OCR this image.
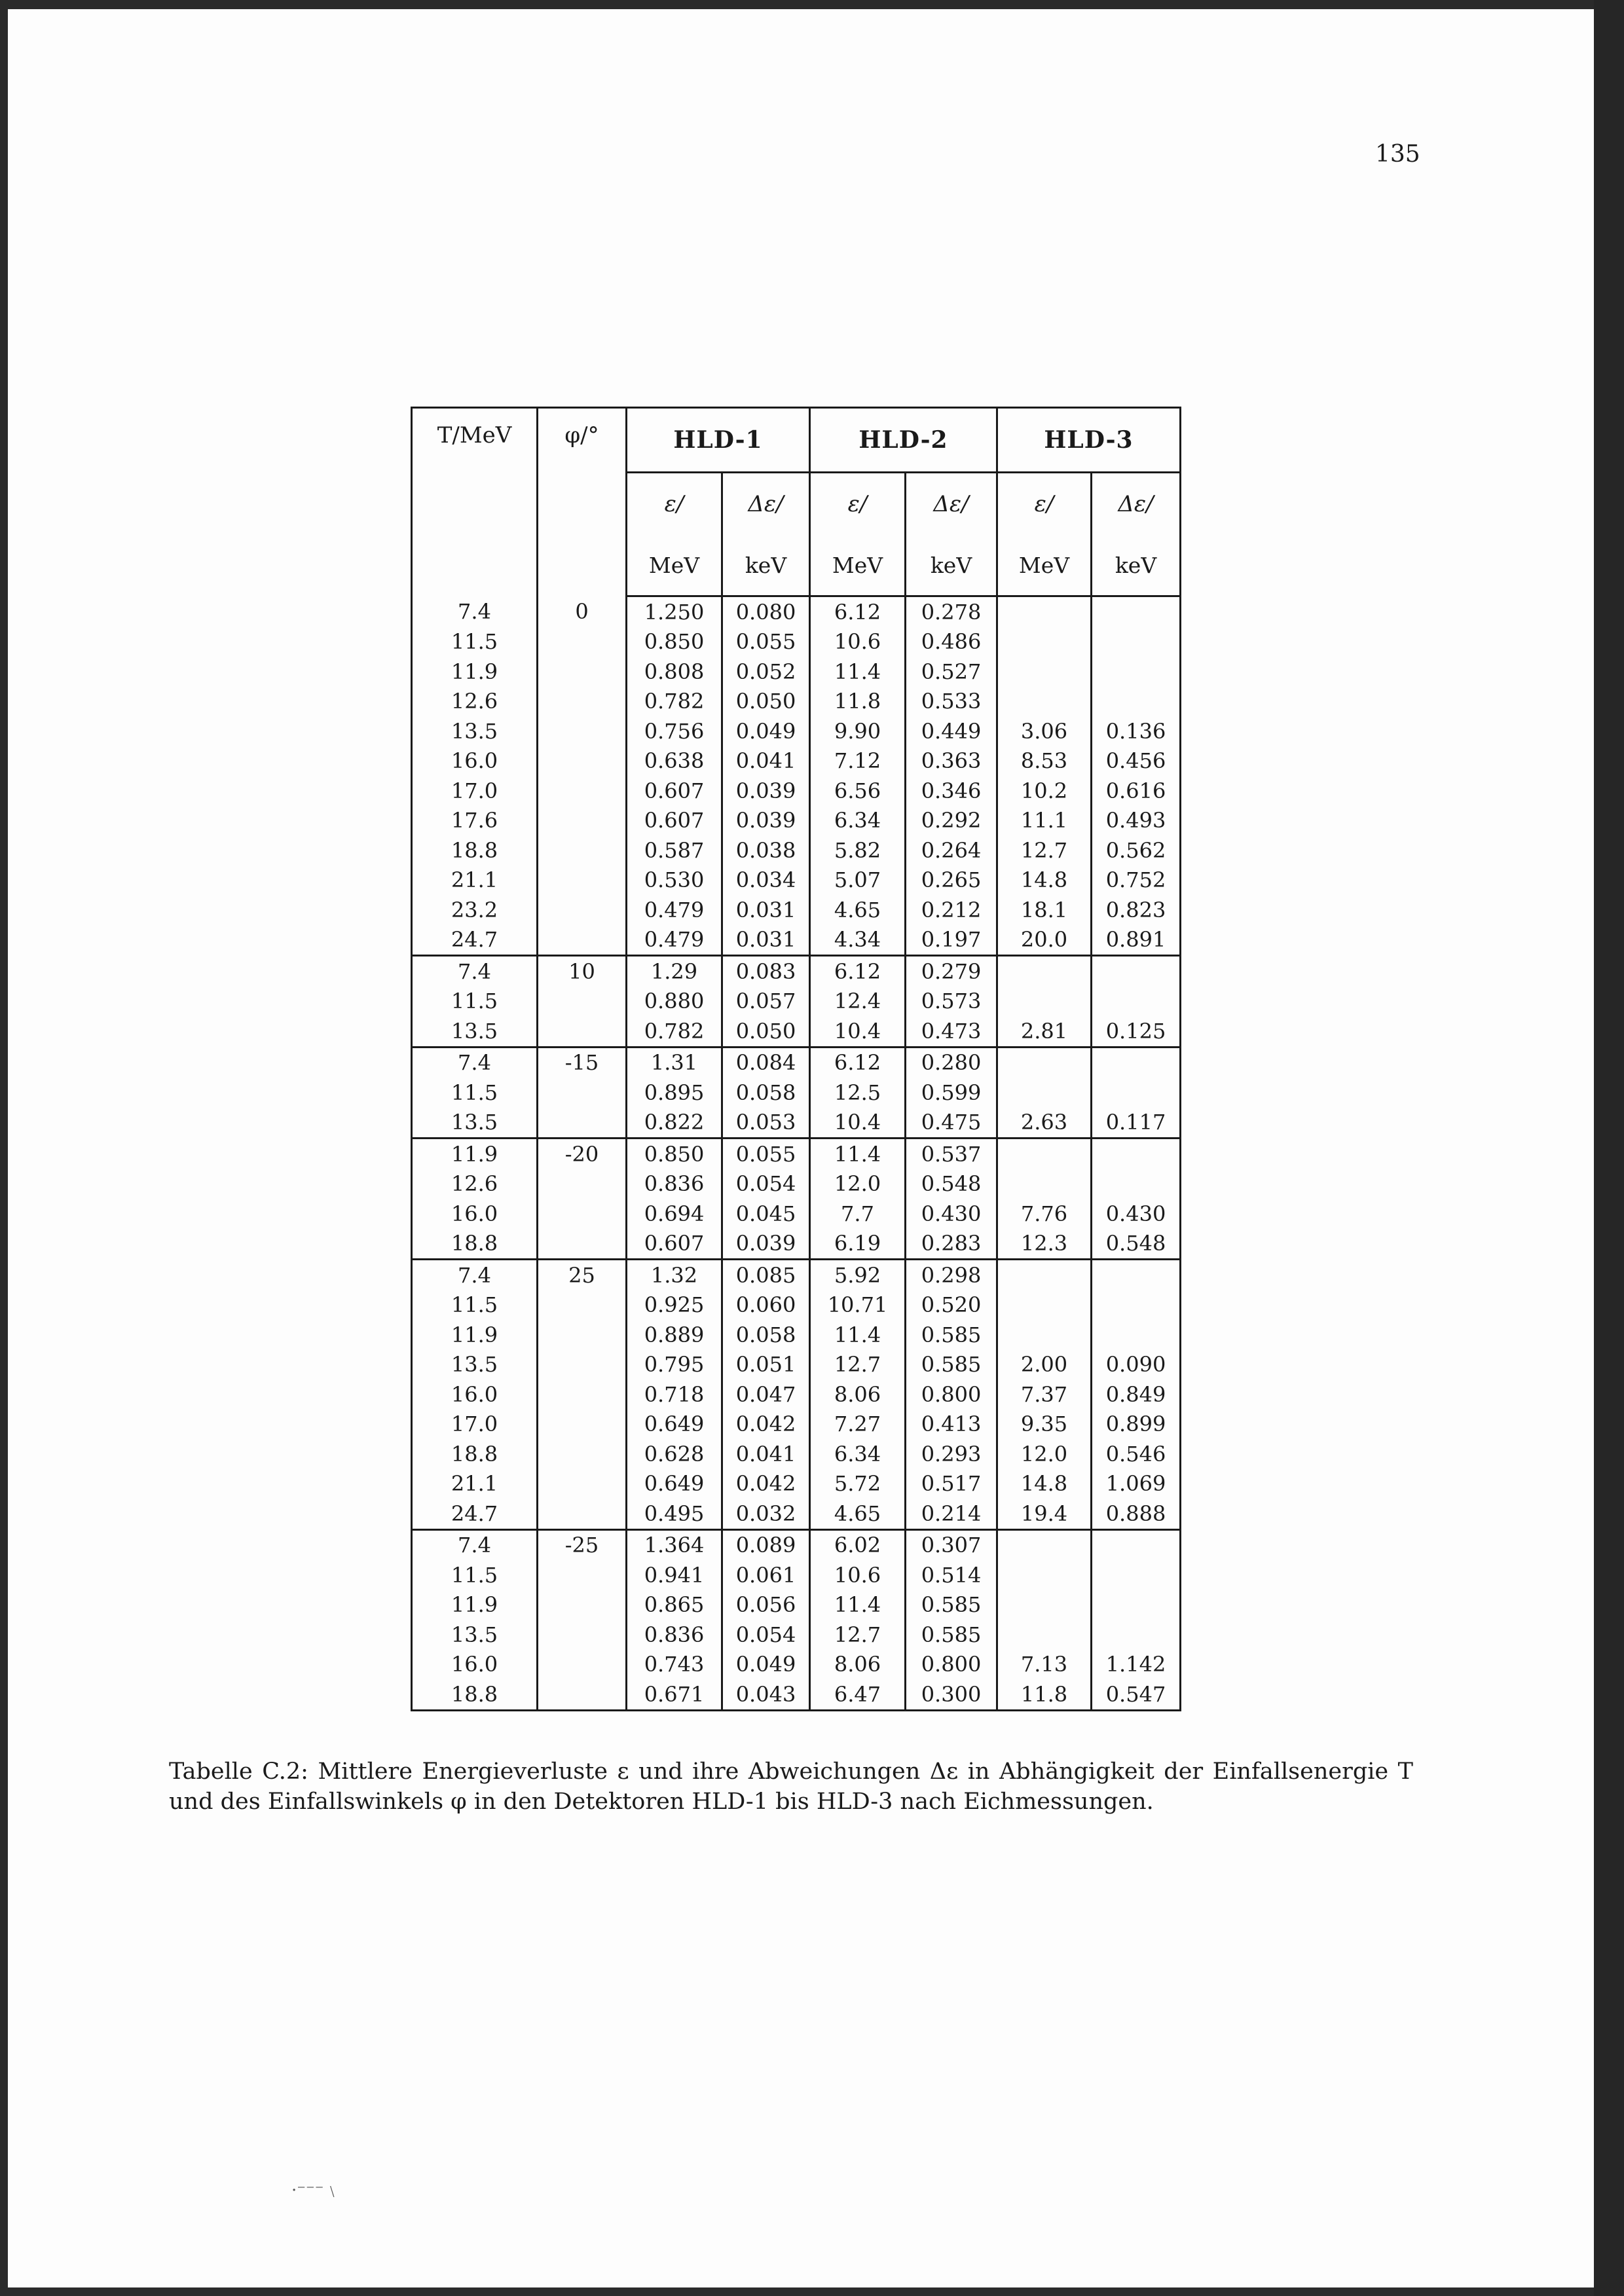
135
T/MeV	φ/°	HLD-1		HLD-2		HLD-3	
		ε/	Δε/	ε/	Δε/	ε/	Δε/
		MeV	keV	MeV	keV	MeV	keV
7.4	0	1.250	0.080	6.12	0.278		
11.5		0.850	0.055	10.6	0.486		
11.9		0.808	0.052	11.4	0.527		
12.6		0.782	0.050	11.8	0.533		
13.5		0.756	0.049	9.90	0.449	3.06	0.136
16.0		0.638	0.041	7.12	0.363	8.53	0.456
17.0		0.607	0.039	6.56	0.346	10.2	0.616
17.6		0.607	0.039	6.34	0.292	11.1	0.493
18.8		0.587	0.038	5.82	0.264	12.7	0.562
21.1		0.530	0.034	5.07	0.265	14.8	0.752
23.2		0.479	0.031	4.65	0.212	18.1	0.823
24.7		0.479	0.031	4.34	0.197	20.0	0.891
7.4	10	1.29	0.083	6.12	0.279		
11.5		0.880	0.057	12.4	0.573		
13.5		0.782	0.050	10.4	0.473	2.81	0.125
7.4	-15	1.31	0.084	6.12	0.280		
11.5		0.895	0.058	12.5	0.599		
13.5		0.822	0.053	10.4	0.475	2.63	0.117
11.9	-20	0.850	0.055	11.4	0.537		
12.6		0.836	0.054	12.0	0.548		
16.0		0.694	0.045	7.7	0.430	7.76	0.430
18.8		0.607	0.039	6.19	0.283	12.3	0.548
7.4	25	1.32	0.085	5.92	0.298		
11.5		0.925	0.060	10.71	0.520		
11.9		0.889	0.058	11.4	0.585		
13.5		0.795	0.051	12.7	0.585	2.00	0.090
16.0		0.718	0.047	8.06	0.800	7.37	0.849
17.0		0.649	0.042	7.27	0.413	9.35	0.899
18.8		0.628	0.041	6.34	0.293	12.0	0.546
21.1		0.649	0.042	5.72	0.517	14.8	1.069
24.7		0.495	0.032	4.65	0.214	19.4	0.888
7.4	-25	1.364	0.089	6.02	0.307		
11.5		0.941	0.061	10.6	0.514		
11.9		0.865	0.056	11.4	0.585		
13.5		0.836	0.054	12.7	0.585		
16.0		0.743	0.049	8.06	0.800	7.13	1.142
18.8		0.671	0.043	6.47	0.300	11.8	0.547
Tabelle C.2: Mittlere Energieverluste ε und ihre Abweichungen Δε in Abhängigkeit der Einfallsenergie T und des Einfallswinkels φ in den Detektoren HLD-1 bis HLD-3 nach Eichmessungen.
·⁻⁻⁻﹨
